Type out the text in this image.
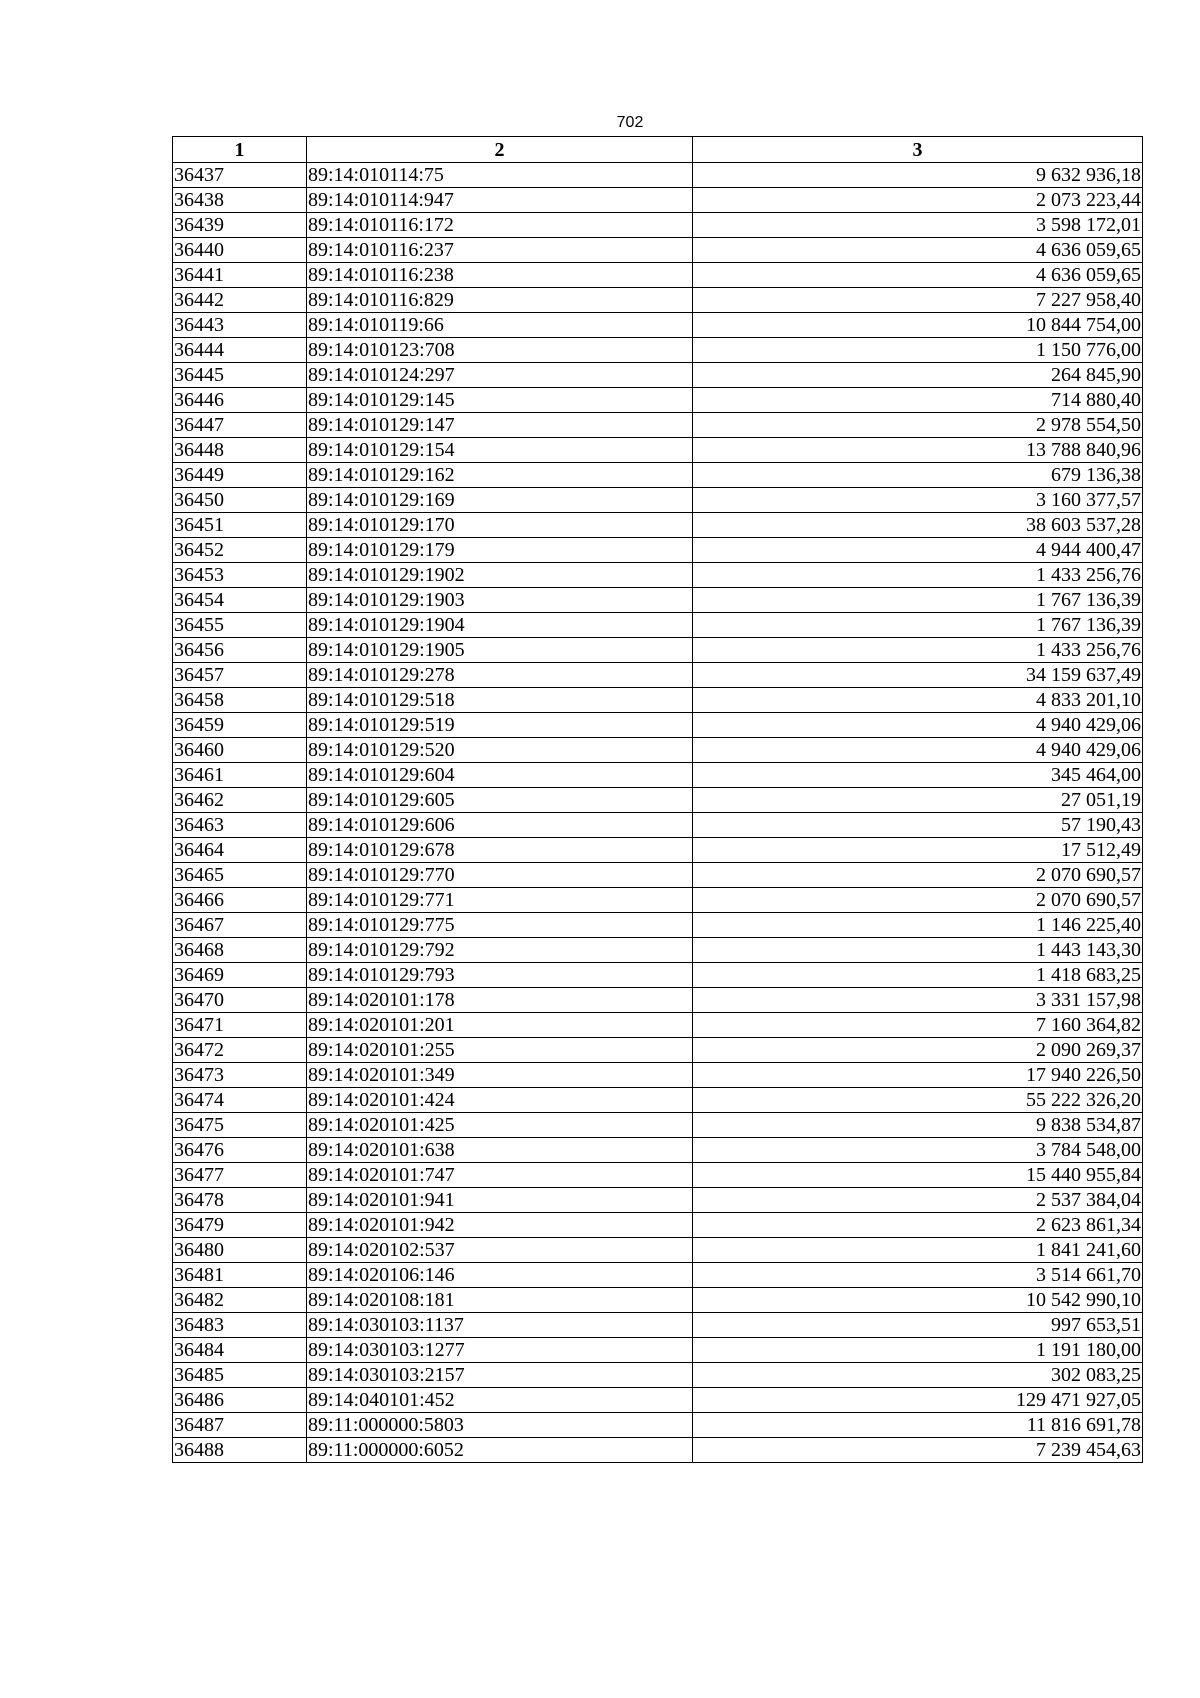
702
1	2	3
36437	89:14:010114:75	9 632 936,18
36438	89:14:010114:947	2 073 223,44
36439	89:14:010116:172	3 598 172,01
36440	89:14:010116:237	4 636 059,65
36441	89:14:010116:238	4 636 059,65
36442	89:14:010116:829	7 227 958,40
36443	89:14:010119:66	10 844 754,00
36444	89:14:010123:708	1 150 776,00
36445	89:14:010124:297	264 845,90
36446	89:14:010129:145	714 880,40
36447	89:14:010129:147	2 978 554,50
36448	89:14:010129:154	13 788 840,96
36449	89:14:010129:162	679 136,38
36450	89:14:010129:169	3 160 377,57
36451	89:14:010129:170	38 603 537,28
36452	89:14:010129:179	4 944 400,47
36453	89:14:010129:1902	1 433 256,76
36454	89:14:010129:1903	1 767 136,39
36455	89:14:010129:1904	1 767 136,39
36456	89:14:010129:1905	1 433 256,76
36457	89:14:010129:278	34 159 637,49
36458	89:14:010129:518	4 833 201,10
36459	89:14:010129:519	4 940 429,06
36460	89:14:010129:520	4 940 429,06
36461	89:14:010129:604	345 464,00
36462	89:14:010129:605	27 051,19
36463	89:14:010129:606	57 190,43
36464	89:14:010129:678	17 512,49
36465	89:14:010129:770	2 070 690,57
36466	89:14:010129:771	2 070 690,57
36467	89:14:010129:775	1 146 225,40
36468	89:14:010129:792	1 443 143,30
36469	89:14:010129:793	1 418 683,25
36470	89:14:020101:178	3 331 157,98
36471	89:14:020101:201	7 160 364,82
36472	89:14:020101:255	2 090 269,37
36473	89:14:020101:349	17 940 226,50
36474	89:14:020101:424	55 222 326,20
36475	89:14:020101:425	9 838 534,87
36476	89:14:020101:638	3 784 548,00
36477	89:14:020101:747	15 440 955,84
36478	89:14:020101:941	2 537 384,04
36479	89:14:020101:942	2 623 861,34
36480	89:14:020102:537	1 841 241,60
36481	89:14:020106:146	3 514 661,70
36482	89:14:020108:181	10 542 990,10
36483	89:14:030103:1137	997 653,51
36484	89:14:030103:1277	1 191 180,00
36485	89:14:030103:2157	302 083,25
36486	89:14:040101:452	129 471 927,05
36487	89:11:000000:5803	11 816 691,78
36488	89:11:000000:6052	7 239 454,63
